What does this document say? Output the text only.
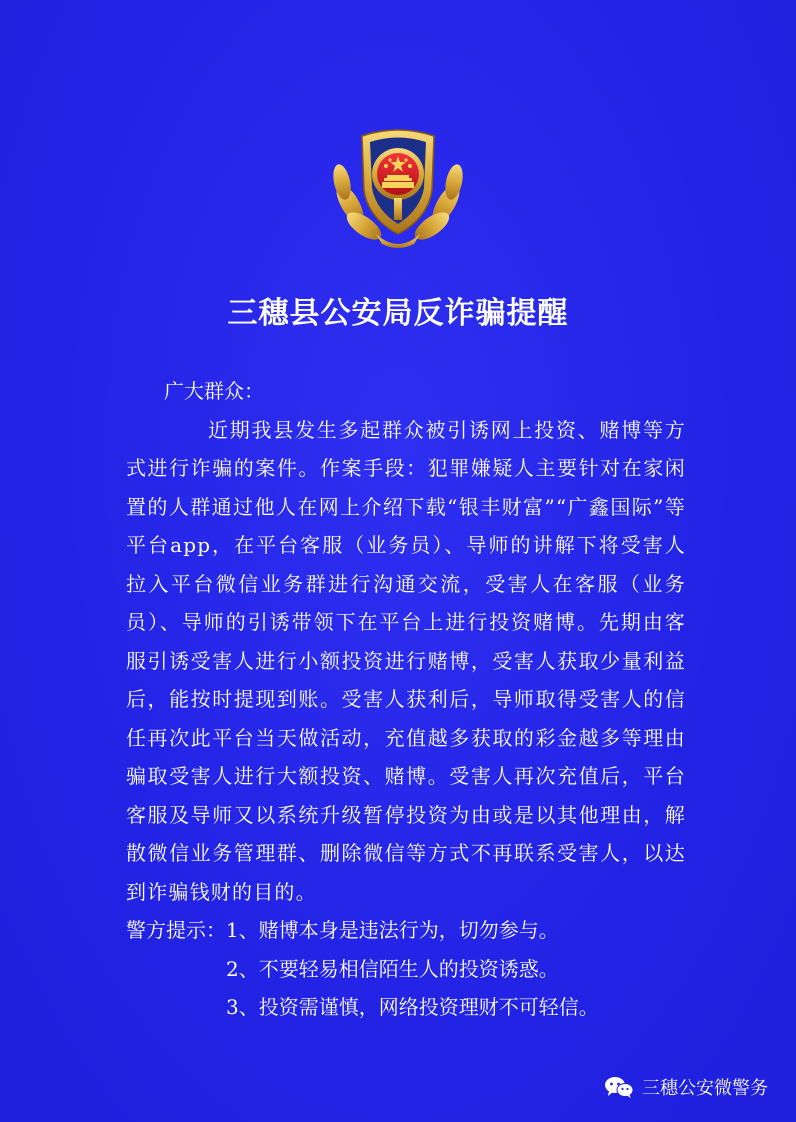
三穗县公安局反诈骗提醒
广大群众：
近期我县发生多起群众被引诱网上投资、赌博等方式进行诈骗的案件。作案手段：犯罪嫌疑人主要针对在家闲置的人群通过他人在网上介绍下载“银丰财富”“广鑫国际”等平台app，在平台客服（业务员）、导师的讲解下将受害人拉入平台微信业务群进行沟通交流，受害人在客服（业务员）、导师的引诱带领下在平台上进行投资赌博。先期由客服引诱受害人进行小额投资进行赌博，受害人获取少量利益后，能按时提现到账。受害人获利后，导师取得受害人的信任再次此平台当天做活动，充值越多获取的彩金越多等理由骗取受害人进行大额投资、赌博。受害人再次充值后，平台客服及导师又以系统升级暂停投资为由或是以其他理由，解散微信业务管理群、删除微信等方式不再联系受害人，以达到诈骗钱财的目的。
警方提示：1、赌博本身是违法行为，切勿参与。
2、不要轻易相信陌生人的投资诱惑。
3、投资需谨慎，网络投资理财不可轻信。
三穗公安微警务
